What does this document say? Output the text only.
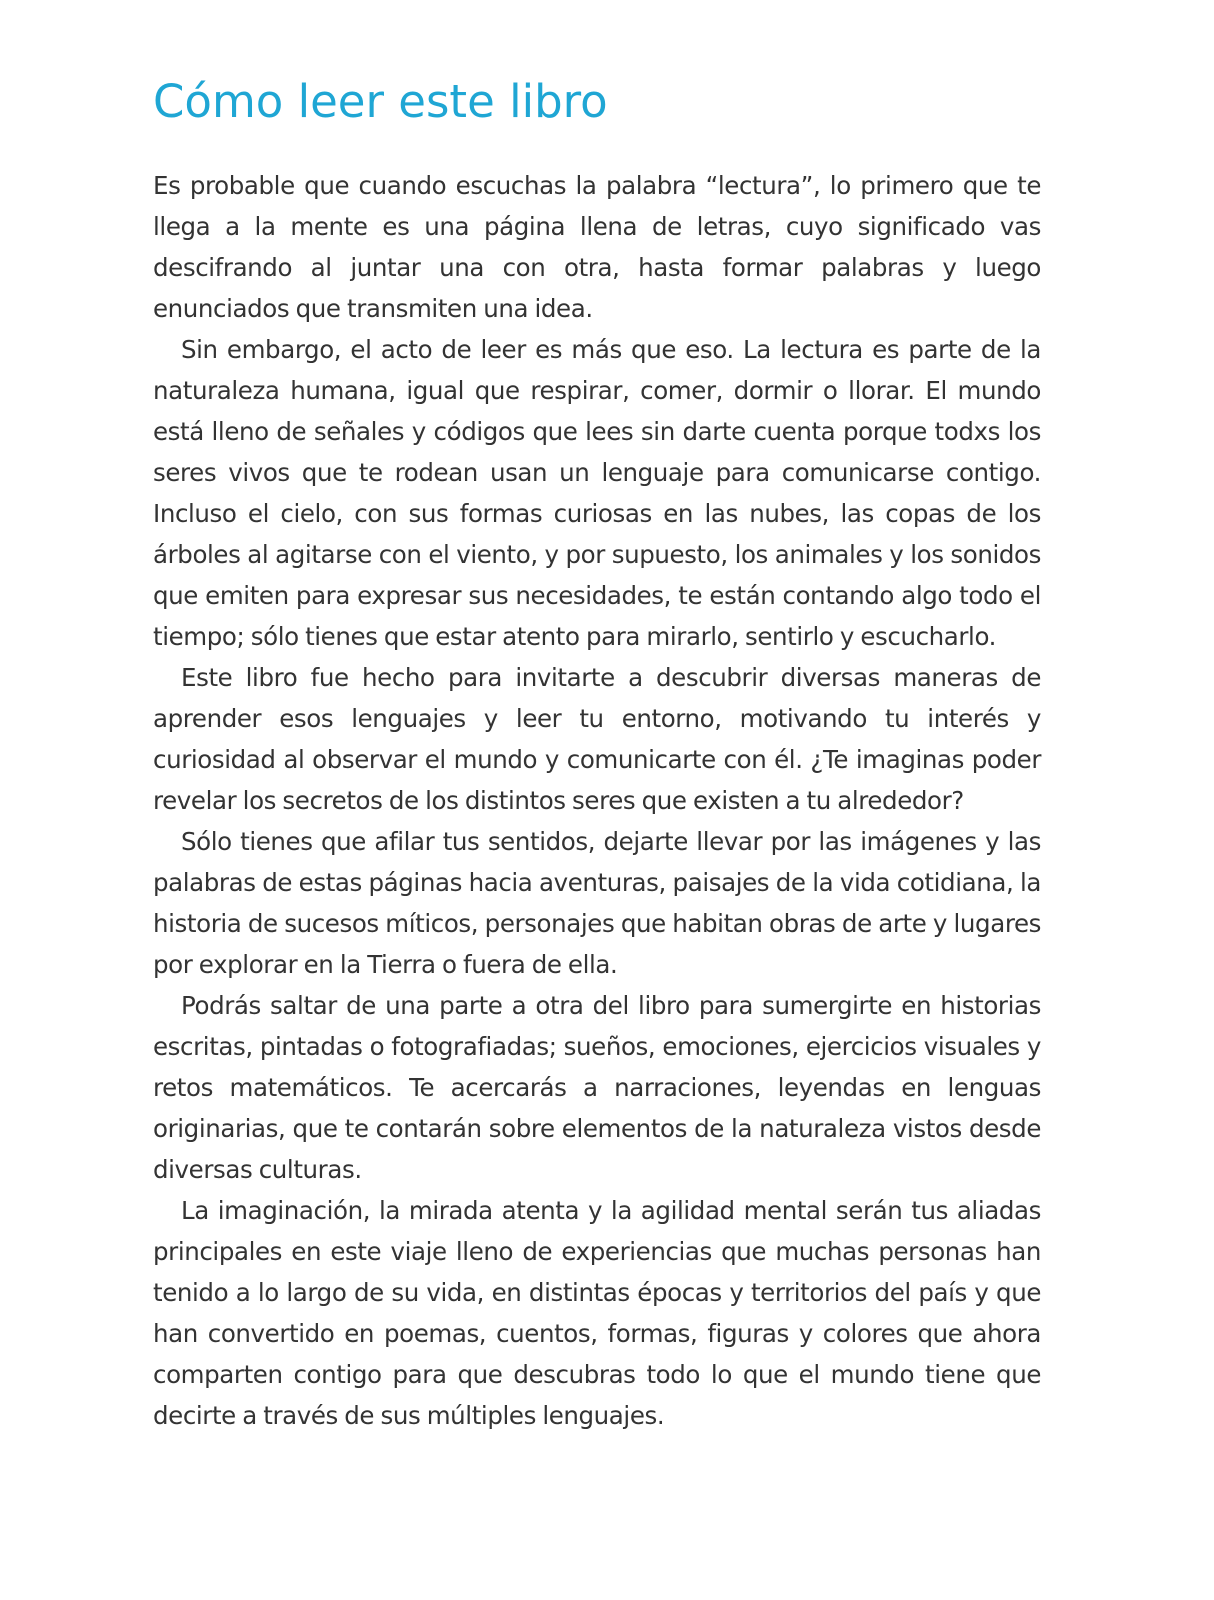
Cómo leer este libro

Es probable que cuando escuchas la palabra “lectura”, lo primero que te llega a la mente es una página llena de letras, cuyo significado vas descifrando al juntar una con otra, hasta formar palabras y luego enunciados que transmiten una idea.

Sin embargo, el acto de leer es más que eso. La lectura es parte de la naturaleza humana, igual que respirar, comer, dormir o llorar. El mundo está lleno de señales y códigos que lees sin darte cuenta porque todxs los seres vivos que te rodean usan un lenguaje para comunicarse contigo. Incluso el cielo, con sus formas curiosas en las nubes, las copas de los árboles al agitarse con el viento, y por supuesto, los animales y los sonidos que emiten para expresar sus necesidades, te están contando algo todo el tiempo; sólo tienes que estar atento para mirarlo, sentirlo y escucharlo.

Este libro fue hecho para invitarte a descubrir diversas maneras de aprender esos lenguajes y leer tu entorno, motivando tu interés y curiosidad al observar el mundo y comunicarte con él. ¿Te imaginas poder revelar los secretos de los distintos seres que existen a tu alrededor?

Sólo tienes que afilar tus sentidos, dejarte llevar por las imágenes y las palabras de estas páginas hacia aventuras, paisajes de la vida cotidiana, la historia de sucesos míticos, personajes que habitan obras de arte y lugares por explorar en la Tierra o fuera de ella.

Podrás saltar de una parte a otra del libro para sumergirte en historias escritas, pintadas o fotografiadas; sueños, emociones, ejercicios visuales y retos matemáticos. Te acercarás a narraciones, leyendas en lenguas originarias, que te contarán sobre elementos de la naturaleza vistos desde diversas culturas.

La imaginación, la mirada atenta y la agilidad mental serán tus aliadas principales en este viaje lleno de experiencias que muchas personas han tenido a lo largo de su vida, en distintas épocas y territorios del país y que han convertido en poemas, cuentos, formas, figuras y colores que ahora comparten contigo para que descubras todo lo que el mundo tiene que decirte a través de sus múltiples lenguajes.
